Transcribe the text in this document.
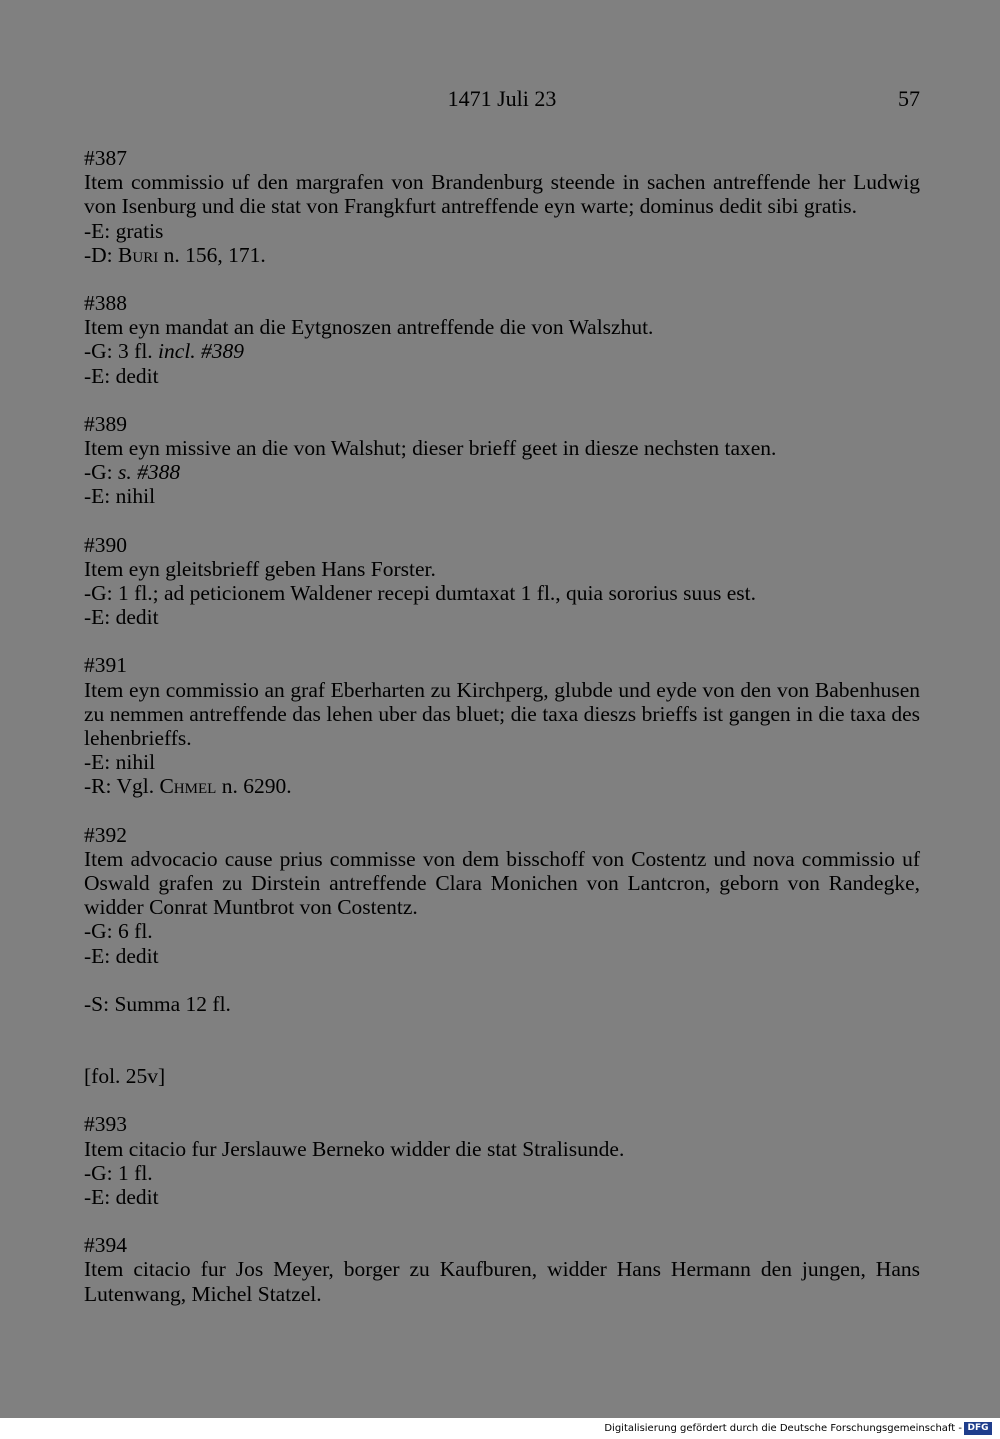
1471 Juli 23	57
#387
Item commissio uf den margrafen von Brandenburg steende in sachen antreffende her Ludwig von Isenburg und die stat von Frangkfurt antreffende eyn warte; dominus dedit sibi gratis.
-E: gratis
-D: Buri n. 156, 171.
#388
Item eyn mandat an die Eytgnoszen antreffende die von Walszhut.
-G: 3 fl. incl. #389
-E: dedit
#389
Item eyn missive an die von Walshut; dieser brieff geet in diesze nechsten taxen.
-G: s. #388
-E: nihil
#390
Item eyn gleitsbrieff geben Hans Forster.
-G: 1 fl.; ad peticionem Waldener recepi dumtaxat 1 fl., quia sororius suus est.
-E: dedit
#391
Item eyn commissio an graf Eberharten zu Kirchperg, glubde und eyde von den von Babenhusen zu nemmen antreffende das lehen uber das bluet; die taxa dieszs brieffs ist gangen in die taxa des lehenbrieffs.
-E: nihil
-R: Vgl. Chmel n. 6290.
#392
Item advocacio cause prius commisse von dem bisschoff von Costentz und nova commissio uf Oswald grafen zu Dirstein antreffende Clara Monichen von Lantcron, geborn von Randegke, widder Conrat Muntbrot von Costentz.
-G: 6 fl.
-E: dedit
-S: Summa 12 fl.
[fol. 25v]
#393
Item citacio fur Jerslauwe Berneko widder die stat Stralisunde.
-G: 1 fl.
-E: dedit
#394
Item citacio fur Jos Meyer, borger zu Kaufburen, widder Hans Hermann den jungen, Hans Lutenwang, Michel Statzel.
Digitalisierung gefördert durch die Deutsche Forschungsgemeinschaft - DFG
